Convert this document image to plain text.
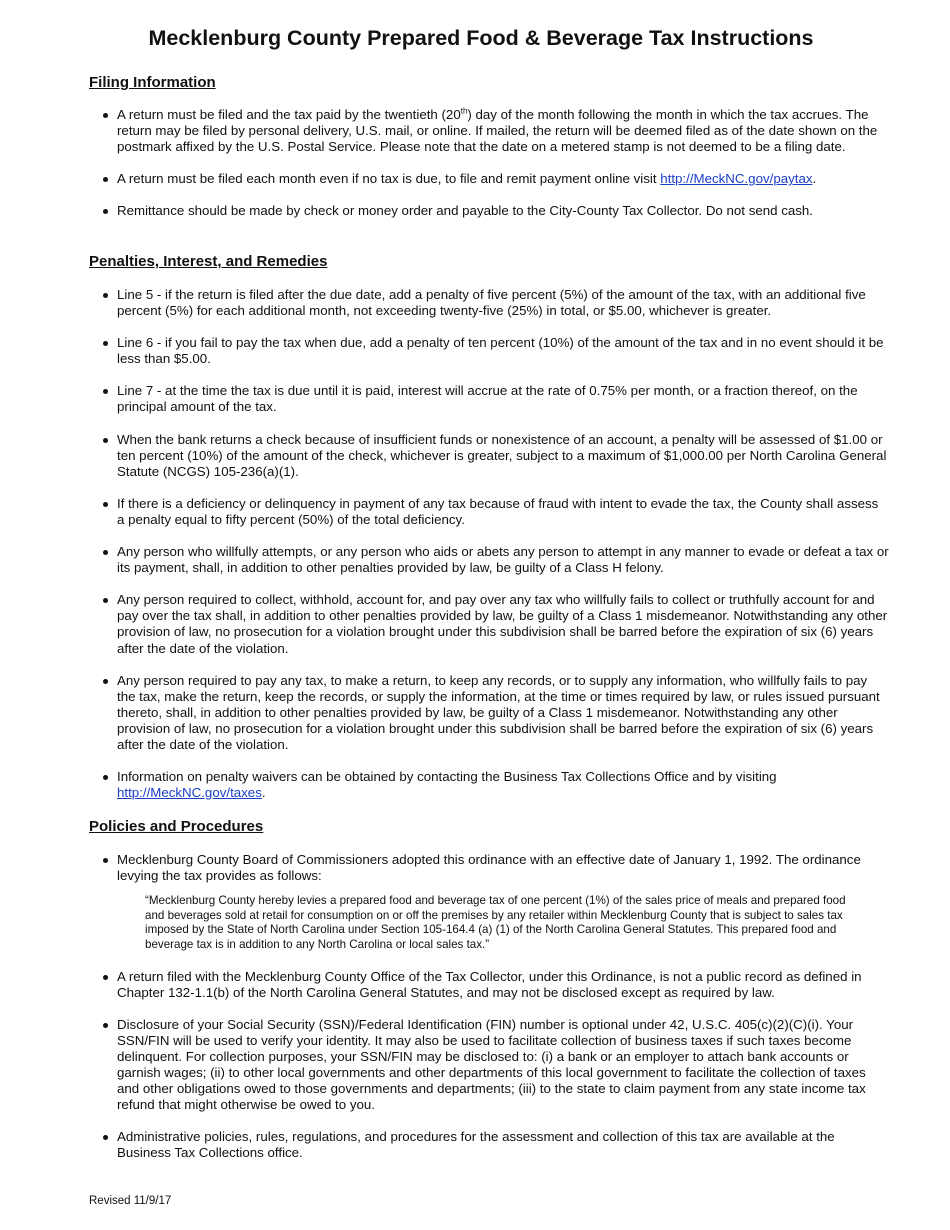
Mecklenburg County Prepared Food & Beverage Tax Instructions
Filing Information
A return must be filed and the tax paid by the twentieth (20th) day of the month following the month in which the tax accrues. The return may be filed by personal delivery, U.S. mail, or online. If mailed, the return will be deemed filed as of the date shown on the postmark affixed by the U.S. Postal Service. Please note that the date on a metered stamp is not deemed to be a filing date.
A return must be filed each month even if no tax is due, to file and remit payment online visit http://MeckNC.gov/paytax.
Remittance should be made by check or money order and payable to the City-County Tax Collector. Do not send cash.
Penalties, Interest, and Remedies
Line 5 - if the return is filed after the due date, add a penalty of five percent (5%) of the amount of the tax, with an additional five percent (5%) for each additional month, not exceeding twenty-five (25%) in total, or $5.00, whichever is greater.
Line 6 - if you fail to pay the tax when due, add a penalty of ten percent (10%) of the amount of the tax and in no event should it be less than $5.00.
Line 7 - at the time the tax is due until it is paid, interest will accrue at the rate of 0.75% per month, or a fraction thereof, on the principal amount of the tax.
When the bank returns a check because of insufficient funds or nonexistence of an account, a penalty will be assessed of $1.00 or ten percent (10%) of the amount of the check, whichever is greater, subject to a maximum of $1,000.00 per North Carolina General Statute (NCGS) 105-236(a)(1).
If there is a deficiency or delinquency in payment of any tax because of fraud with intent to evade the tax, the County shall assess a penalty equal to fifty percent (50%) of the total deficiency.
Any person who willfully attempts, or any person who aids or abets any person to attempt in any manner to evade or defeat a tax or its payment, shall, in addition to other penalties provided by law, be guilty of a Class H felony.
Any person required to collect, withhold, account for, and pay over any tax who willfully fails to collect or truthfully account for and pay over the tax shall, in addition to other penalties provided by law, be guilty of a Class 1 misdemeanor. Notwithstanding any other provision of law, no prosecution for a violation brought under this subdivision shall be barred before the expiration of six (6) years after the date of the violation.
Any person required to pay any tax, to make a return, to keep any records, or to supply any information, who willfully fails to pay the tax, make the return, keep the records, or supply the information, at the time or times required by law, or rules issued pursuant thereto, shall, in addition to other penalties provided by law, be guilty of a Class 1 misdemeanor. Notwithstanding any other provision of law, no prosecution for a violation brought under this subdivision shall be barred before the expiration of six (6) years after the date of the violation.
Information on penalty waivers can be obtained by contacting the Business Tax Collections Office and by visiting http://MeckNC.gov/taxes.
Policies and Procedures
Mecklenburg County Board of Commissioners adopted this ordinance with an effective date of January 1, 1992. The ordinance levying the tax provides as follows:
“Mecklenburg County hereby levies a prepared food and beverage tax of one percent (1%) of the sales price of meals and prepared food and beverages sold at retail for consumption on or off the premises by any retailer within Mecklenburg County that is subject to sales tax imposed by the State of North Carolina under Section 105-164.4 (a) (1) of the North Carolina General Statutes. This prepared food and beverage tax is in addition to any North Carolina or local sales tax.”
A return filed with the Mecklenburg County Office of the Tax Collector, under this Ordinance, is not a public record as defined in Chapter 132-1.1(b) of the North Carolina General Statutes, and may not be disclosed except as required by law.
Disclosure of your Social Security (SSN)/Federal Identification (FIN) number is optional under 42, U.S.C. 405(c)(2)(C)(i). Your SSN/FIN will be used to verify your identity. It may also be used to facilitate collection of business taxes if such taxes become delinquent. For collection purposes, your SSN/FIN may be disclosed to: (i) a bank or an employer to attach bank accounts or garnish wages; (ii) to other local governments and other departments of this local government to facilitate the collection of taxes and other obligations owed to those governments and departments; (iii) to the state to claim payment from any state income tax refund that might otherwise be owed to you.
Administrative policies, rules, regulations, and procedures for the assessment and collection of this tax are available at the Business Tax Collections office.

Revised 11/9/17
